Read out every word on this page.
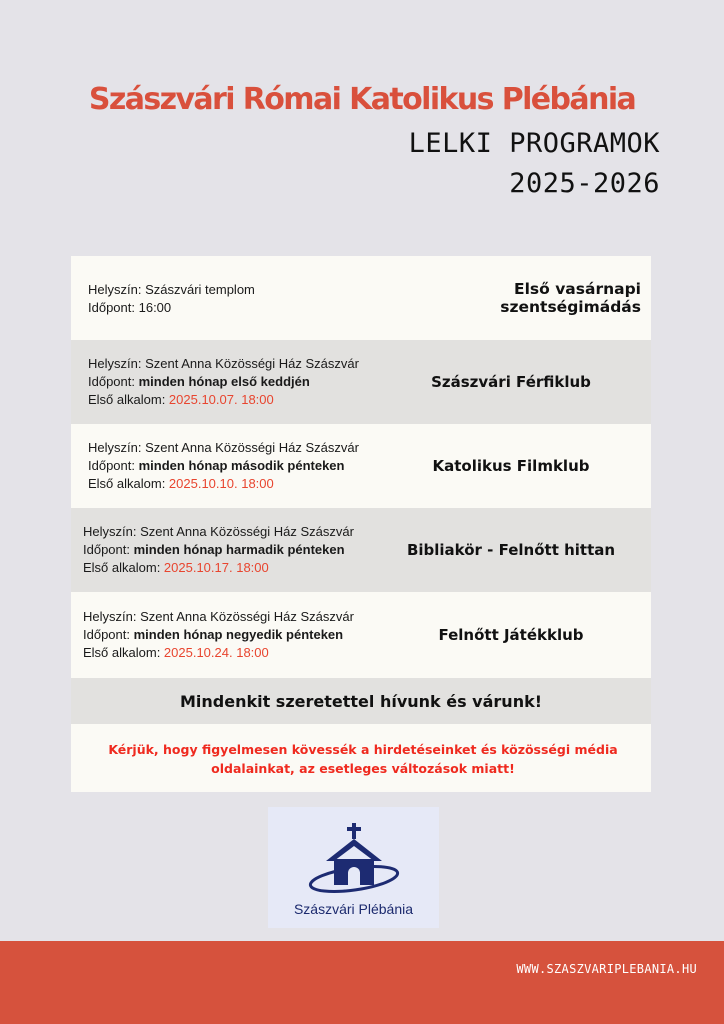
Szászvári Római Katolikus Plébánia
LELKI PROGRAMOK
2025-2026
Helyszín: Szászvári templom
Időpont: 16:00
Első vasárnapi szentségimádás
Helyszín: Szent Anna Közösségi Ház Szászvár
Időpont: minden hónap első keddjén
Első alkalom: 2025.10.07. 18:00
Szászvári Férfiklub
Helyszín: Szent Anna Közösségi Ház Szászvár
Időpont: minden hónap második pénteken
Első alkalom: 2025.10.10. 18:00
Katolikus Filmklub
Helyszín: Szent Anna Közösségi Ház Szászvár
Időpont: minden hónap harmadik pénteken
Első alkalom: 2025.10.17. 18:00
Bibliakör - Felnőtt hittan
Helyszín: Szent Anna Közösségi Ház Szászvár
Időpont: minden hónap negyedik pénteken
Első alkalom: 2025.10.24. 18:00
Felnőtt Játékklub
Mindenkit szeretettel hívunk és várunk!
Kérjük, hogy figyelmesen kövessék a hirdetéseinket és közösségi média oldalainkat, az esetleges változások miatt!
Szászvári Plébánia
WWW.SZASZVARIPLEBANIA.HU
